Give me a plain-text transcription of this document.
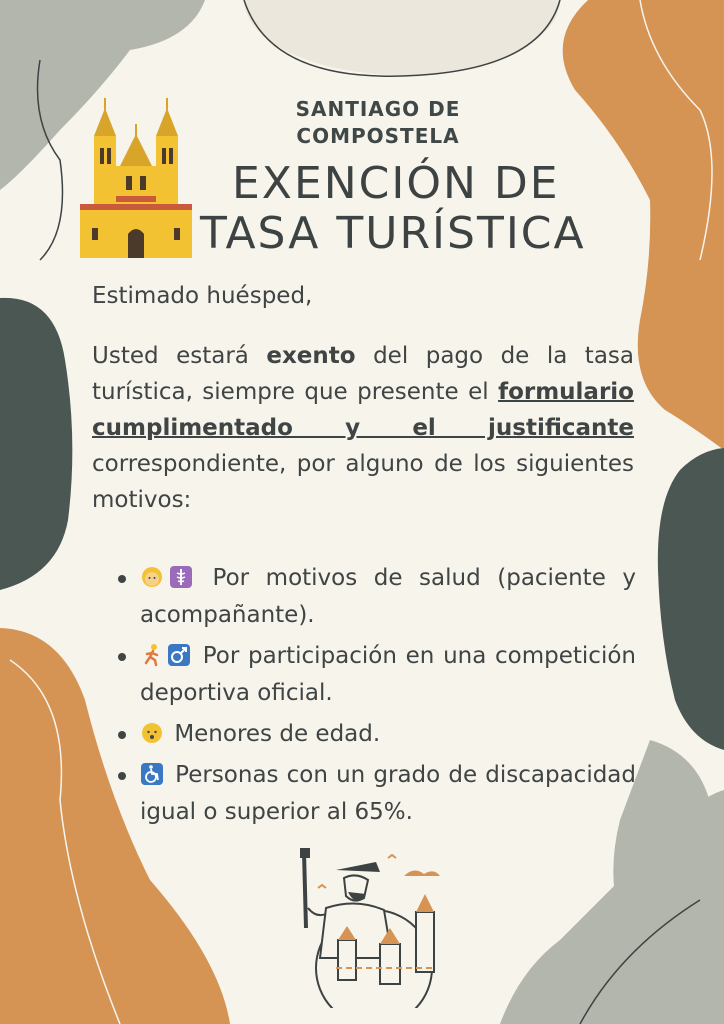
SANTIAGO DE COMPOSTELA
EXENCIÓN DE
TASA TURÍSTICA
Estimado huésped,
Usted estará exento del pago de la tasa turística, siempre que presente el formulario cumplimentado y el justificante correspondiente, por alguno de los siguientes motivos:
Por motivos de salud (paciente y acompañante).
Por participación en una competición deportiva oficial.
Menores de edad.
Personas con un grado de discapacidad igual o superior al 65%.
